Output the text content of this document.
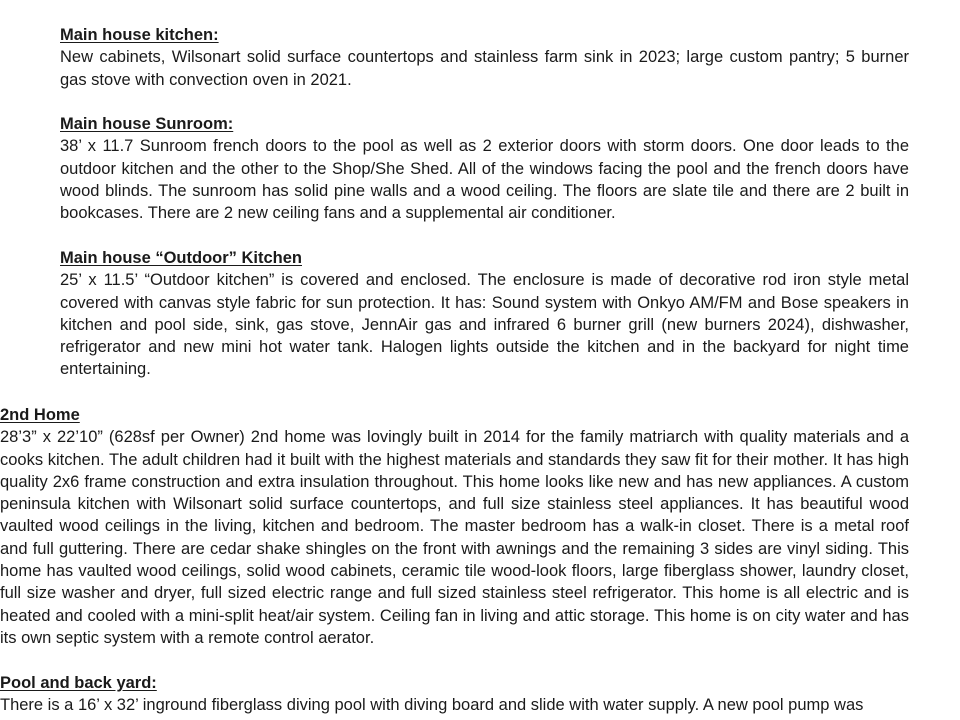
Main house kitchen:
New cabinets, Wilsonart solid surface countertops and stainless farm sink in 2023; large custom pantry; 5 burner gas stove with convection oven in 2021.
Main house Sunroom:
38’ x 11.7 Sunroom french doors to the pool as well as 2 exterior doors with storm doors. One door leads to the outdoor kitchen and the other to the Shop/She Shed. All of the windows facing the pool and the french doors have wood blinds. The sunroom has solid pine walls and a wood ceiling. The floors are slate tile and there are 2 built in bookcases. There are 2 new ceiling fans and a supplemental air conditioner.
Main house “Outdoor” Kitchen
25’ x 11.5’ “Outdoor kitchen” is covered and enclosed. The enclosure is made of decorative rod iron style metal covered with canvas style fabric for sun protection. It has: Sound system with Onkyo AM/FM and Bose speakers in kitchen and pool side, sink, gas stove, JennAir gas and infrared 6 burner grill (new burners 2024), dishwasher, refrigerator and new mini hot water tank. Halogen lights outside the kitchen and in the backyard for night time entertaining.
2nd Home
28’3” x 22’10” (628sf per Owner) 2nd home was lovingly built in 2014 for the family matriarch with quality materials and a cooks kitchen. The adult children had it built with the highest materials and standards they saw fit for their mother. It has high quality 2x6 frame construction and extra insulation throughout. This home looks like new and has new appliances. A custom peninsula kitchen with Wilsonart solid surface countertops, and full size stainless steel appliances. It has beautiful wood vaulted wood ceilings in the living, kitchen and bedroom. The master bedroom has a walk-in closet. There is a metal roof and full guttering. There are cedar shake shingles on the front with awnings and the remaining 3 sides are vinyl siding. This home has vaulted wood ceilings, solid wood cabinets, ceramic tile wood-look floors, large fiberglass shower, laundry closet, full size washer and dryer, full sized electric range and full sized stainless steel refrigerator. This home is all electric and is heated and cooled with a mini-split heat/air system. Ceiling fan in living and attic storage. This home is on city water and has its own septic system with a remote control aerator.
Pool and back yard:
There is a 16’ x 32’ inground fiberglass diving pool with diving board and slide with water supply. A new pool pump was
